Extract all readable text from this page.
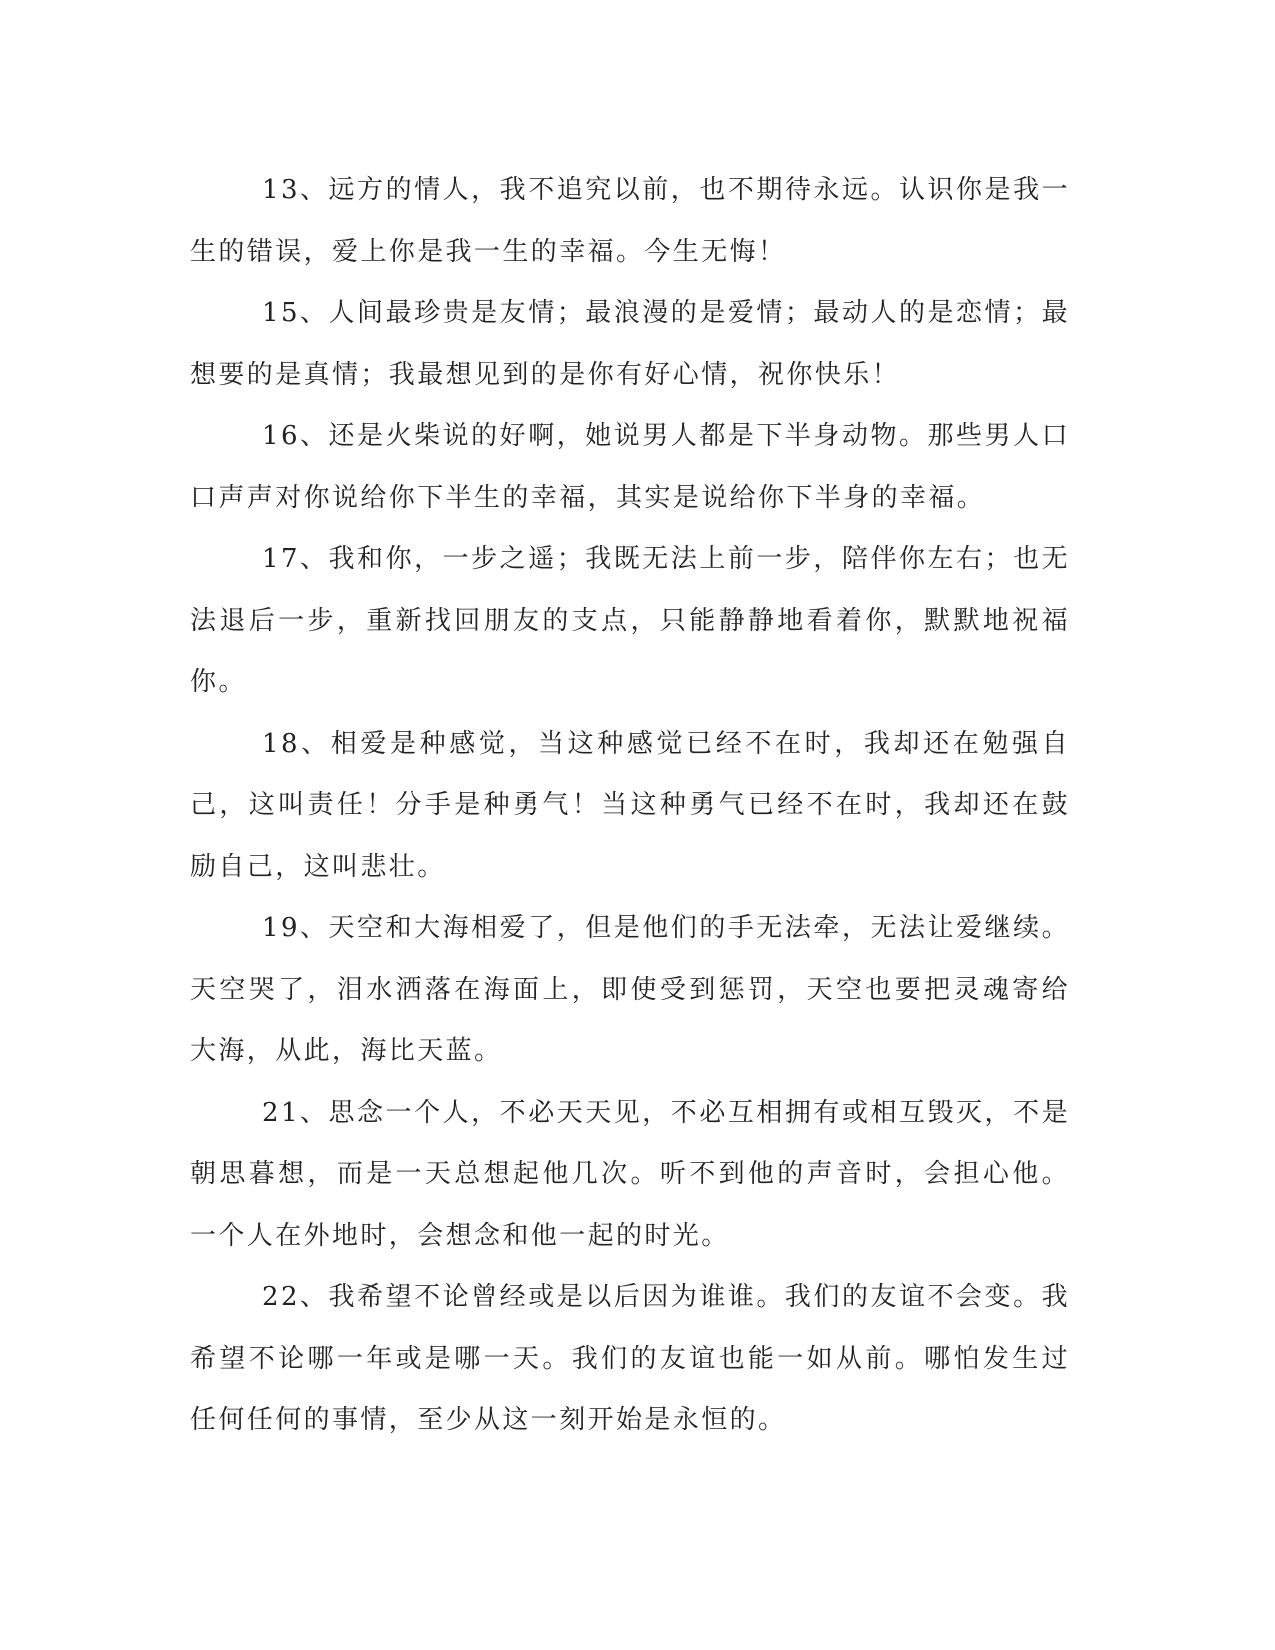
13、远方的情人，我不追究以前，也不期待永远。认识你是我一生的错误，爱上你是我一生的幸福。今生无悔！

15、人间最珍贵是友情；最浪漫的是爱情；最动人的是恋情；最想要的是真情；我最想见到的是你有好心情，祝你快乐！

16、还是火柴说的好啊，她说男人都是下半身动物。那些男人口口声声对你说给你下半生的幸福，其实是说给你下半身的幸福。

17、我和你，一步之遥；我既无法上前一步，陪伴你左右；也无法退后一步，重新找回朋友的支点，只能静静地看着你，默默地祝福你。

18、相爱是种感觉，当这种感觉已经不在时，我却还在勉强自己，这叫责任！分手是种勇气！当这种勇气已经不在时，我却还在鼓励自己，这叫悲壮。

19、天空和大海相爱了，但是他们的手无法牵，无法让爱继续。天空哭了，泪水洒落在海面上，即使受到惩罚，天空也要把灵魂寄给大海，从此，海比天蓝。

21、思念一个人，不必天天见，不必互相拥有或相互毁灭，不是朝思暮想，而是一天总想起他几次。听不到他的声音时，会担心他。一个人在外地时，会想念和他一起的时光。

22、我希望不论曾经或是以后因为谁谁。我们的友谊不会变。我希望不论哪一年或是哪一天。我们的友谊也能一如从前。哪怕发生过任何任何的事情，至少从这一刻开始是永恒的。
